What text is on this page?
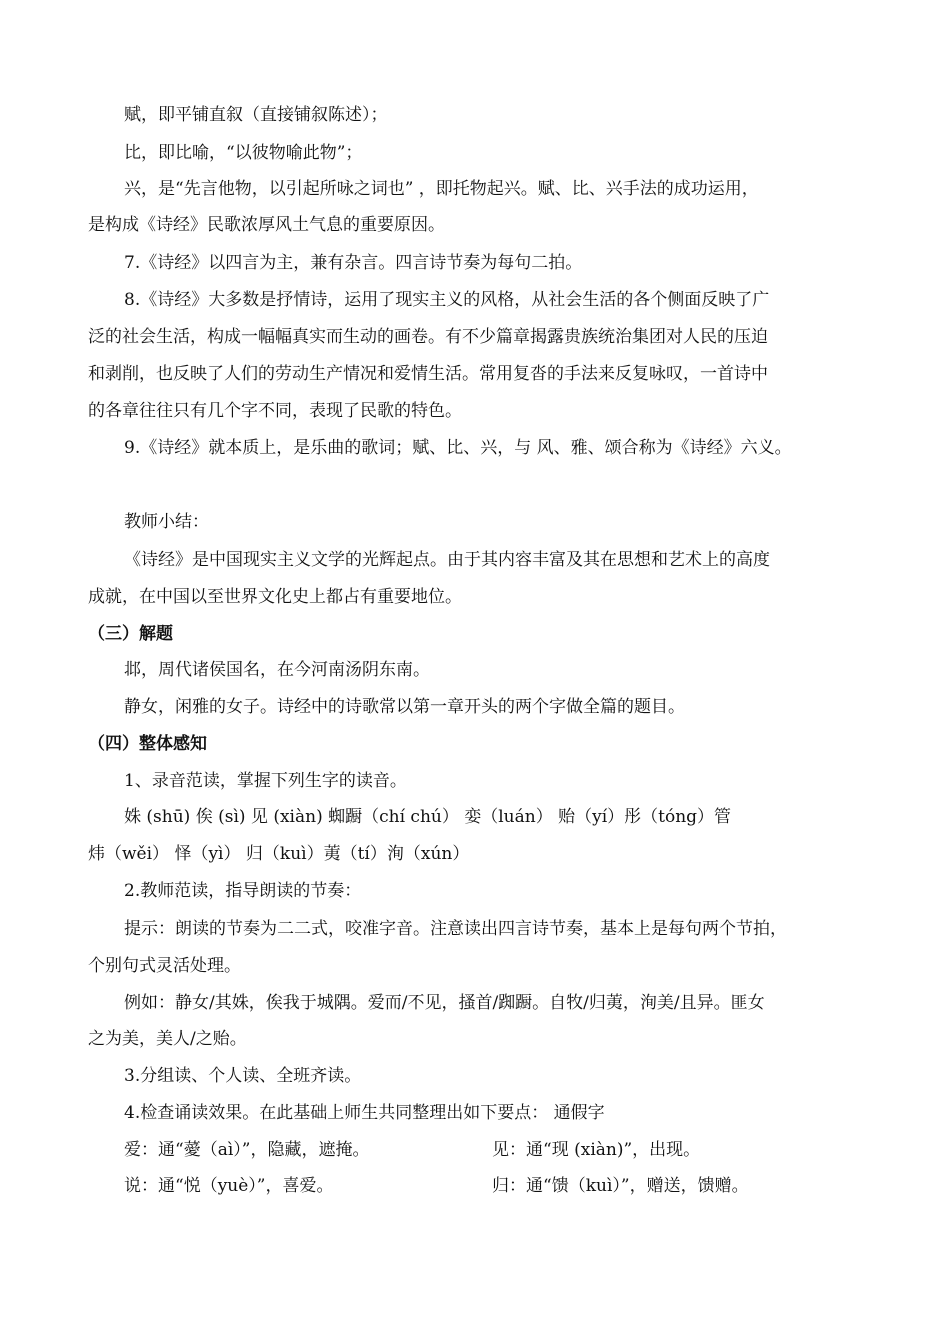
赋，即平铺直叙（直接铺叙陈述）；
比，即比喻，“以彼物喻此物”；
兴，是“先言他物，以引起所咏之词也” ，即托物起兴。赋、比、兴手法的成功运用，
是构成《诗经》民歌浓厚风土气息的重要原因。
7.《诗经》以四言为主，兼有杂言。四言诗节奏为每句二拍。
8.《诗经》大多数是抒情诗，运用了现实主义的风格，从社会生活的各个侧面反映了广
泛的社会生活，构成一幅幅真实而生动的画卷。有不少篇章揭露贵族统治集团对人民的压迫
和剥削，也反映了人们的劳动生产情况和爱情生活。常用复沓的手法来反复咏叹，一首诗中
的各章往往只有几个字不同，表现了民歌的特色。
9.《诗经》就本质上，是乐曲的歌词；赋、比、兴，与 风、雅、颂合称为《诗经》六义。
教师小结：
《诗经》是中国现实主义文学的光辉起点。由于其内容丰富及其在思想和艺术上的高度
成就，在中国以至世界文化史上都占有重要地位。
（三）解题
邶，周代诸侯国名，在今河南汤阴东南。
静女，闲雅的女子。诗经中的诗歌常以第一章开头的两个字做全篇的题目。
（四）整体感知
1、录音范读，掌握下列生字的读音。
姝 (shū) 俟 (sì) 见 (xiàn) 蜘蹰（chí chú） 娈（luán） 贻（yí）彤（tóng）管
炜（wěi） 怿（yì） 归（kuì）荑（tí）洵（xún）
2.教师范读，指导朗读的节奏：
提示：朗读的节奏为二二式，咬准字音。注意读出四言诗节奏，基本上是每句两个节拍，
个别句式灵活处理。
例如：静女/其姝，俟我于城隅。爱而/不见，搔首/踟蹰。自牧/归荑，洵美/且异。匪女
之为美，美人/之贻。
3.分组读、个人读、全班齐读。
4.检查诵读效果。在此基础上师生共同整理出如下要点： 通假字
爱：通“薆（aì）”，隐藏，遮掩。	见：通“现 (xiàn)”，出现。
说：通“悦（yuè）”，喜爱。	归：通“馈（kuì）”，赠送，馈赠。
